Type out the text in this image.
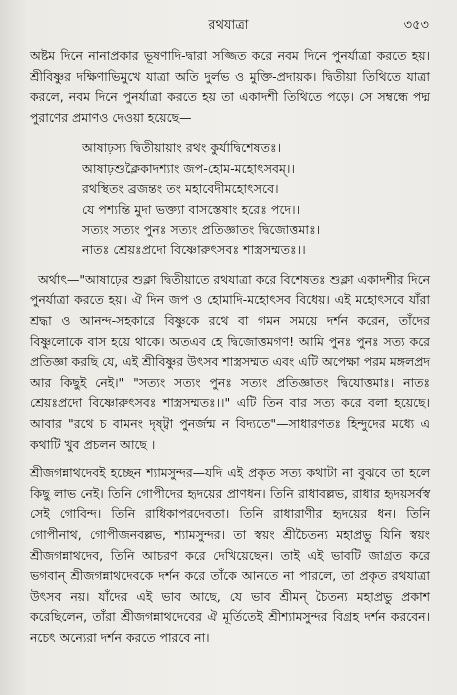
রথযাত্রা	৩৫৩

অষ্টম দিনে নানাপ্রকার ভূষণাদি-দ্বারা সজ্জিত করে নবম দিনে পুনর্যাত্রা করতে হয়। শ্রীবিষ্ণুর দক্ষিণাভিমুখে যাত্রা অতি দুর্লভ ও মুক্তি-প্রদায়ক। দ্বিতীয়া তিথিতে যাত্রা করলে, নবম দিনে পুনর্যাত্রা করতে হয় তা একাদশী তিথিতে পড়ে। সে সম্বন্ধে পদ্ম পুরাণের প্রমাণও দেওয়া হয়েছে—

আষাঢ়স্য দ্বিতীয়ায়াং রথং কুর্যাদ্বিশেষতঃ।
আষাঢ়শুক্লৈকাদশ্যাং জপ-হোম-মহোৎসবম্।।
রথস্থিতং ব্রজন্তং তং মহাবেদীমহোৎসবে।
যে পশ্যন্তি মুদা ভক্ত্যা বাসস্তেষাং হরেঃ পদে।।
সত্যং সত্যং পুনঃ সত্যং প্রতিজ্ঞাতং দ্বিজোত্তমাঃ।
নাতঃ শ্রেয়ঃপ্রদো বিষ্ণোরুৎসবঃ শাস্ত্রসম্মতঃ।।

অর্থাৎ—"আষাঢ়ের শুক্লা দ্বিতীয়াতে রথযাত্রা করে বিশেষতঃ শুক্লা একাদশীর দিনে পুনর্যাত্রা করতে হয়। ঐ দিন জপ ও হোমাদি-মহোৎসব বিধেয়। এই মহোৎসবে যাঁরা শ্রদ্ধা ও আনন্দ-সহকারে বিষ্ণুকে রথে বা গমন সময়ে দর্শন করেন, তাঁদের বিষ্ণুলোকে বাস হয়ে থাকে। অতএব হে দ্বিজোত্তমগণ! আমি পুনঃ পুনঃ সত্য করে প্রতিজ্ঞা করছি যে, এই শ্রীবিষ্ণুর উৎসব শাস্ত্রসম্মত এবং এটি অপেক্ষা পরম মঙ্গলপ্রদ আর কিছুই নেই।" "সত্যং সত্যং পুনঃ সত্যং প্রতিজ্ঞাতং দ্বিযোত্তমাঃ। নাতঃ শ্রেয়ঃপ্রদো বিষ্ণোরুৎসবঃ শাস্ত্রসম্মতঃ।।" এটি তিন বার সত্য করে বলা হয়েছে। আবার "রথে চ বামনং দৃষ্ট্বা পুনর্জন্ম ন বিদ্যতে"—সাধারণতঃ হিন্দুদের মধ্যে এ কথাটি খুব প্রচলন আছে ।

শ্রীজগন্নাথদেবই হচ্ছেন শ্যামসুন্দর—যদি এই প্রকৃত সত্য কথাটা না বুঝবে তা হলে কিছু লাভ নেই। তিনি গোপীদের হৃদয়ের প্রাণধন। তিনি রাধাবল্লভ, রাধার হৃদয়সর্বস্ব সেই গোবিন্দ। তিনি রাধিকাপরদেবতা। তিনি রাধারাণীর হৃদয়ের ধন। তিনি গোপীনাথ, গোপীজনবল্লভ, শ্যামসুন্দর। তা স্বয়ং শ্রীচৈতন্য মহাপ্রভু যিনি স্বয়ং শ্রীজগন্নাথদেব, তিনি আচরণ করে দেখিয়েছেন। তাই এই ভাবটি জাগ্রত করে ভগবান্ শ্রীজগন্নাথদেবকে দর্শন করে তাঁকে আনতে না পারলে, তা প্রকৃত রথযাত্রা উৎসব নয়। যাঁদের এই ভাব আছে, যে ভাব শ্রীমন্ চৈতন্য মহাপ্রভু প্রকাশ করেছিলেন, তাঁরা শ্রীজগন্নাথদেবের ঐ মূর্তিতেই শ্রীশ্যামসুন্দর বিগ্রহ দর্শন করবেন। নচেৎ অন্যেরা দর্শন করতে পারবে না।
